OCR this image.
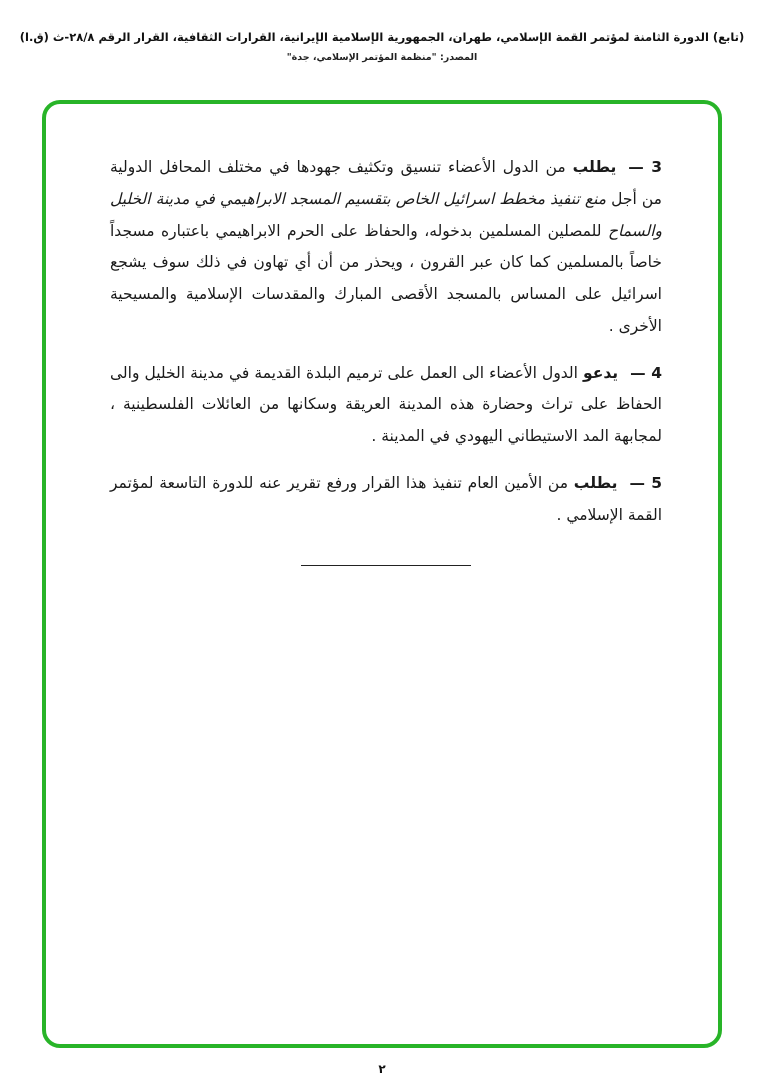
(تابع) الدورة الثامنة لمؤتمر القمة الإسلامي، طهران، الجمهورية الإسلامية الإيرانية، القرارات الثقافية، القرار الرقم ٢٨/٨-ث (ق.ا)
المصدر: "منظمة المؤتمر الإسلامي، جدة"

3 —يطلب من الدول الأعضاء تنسيق وتكثيف جهودها في مختلف المحافل الدولية من أجل منع تنفيذ مخطط اسرائيل الخاص بتقسيم المسجد الابراهيمي في مدينة الخليل والسماح للمصلين المسلمين بدخوله، والحفاظ على الحرم الابراهيمي باعتباره مسجداً خاصاً بالمسلمين كما كان عبر القرون ، ويحذر من أن أي تهاون في ذلك سوف يشجع اسرائيل على المساس بالمسجد الأقصى المبارك والمقدسات الإسلامية والمسيحية الأخرى .

4 —يدعو الدول الأعضاء الى العمل على ترميم البلدة القديمة في مدينة الخليل والى الحفاظ على تراث وحضارة هذه المدينة العريقة وسكانها من العائلات الفلسطينية ، لمجابهة المد الاستيطاني اليهودي في المدينة .

5 —يطلب من الأمين العام تنفيذ هذا القرار ورفع تقرير عنه للدورة التاسعة لمؤتمر القمة الإسلامي .

٢
